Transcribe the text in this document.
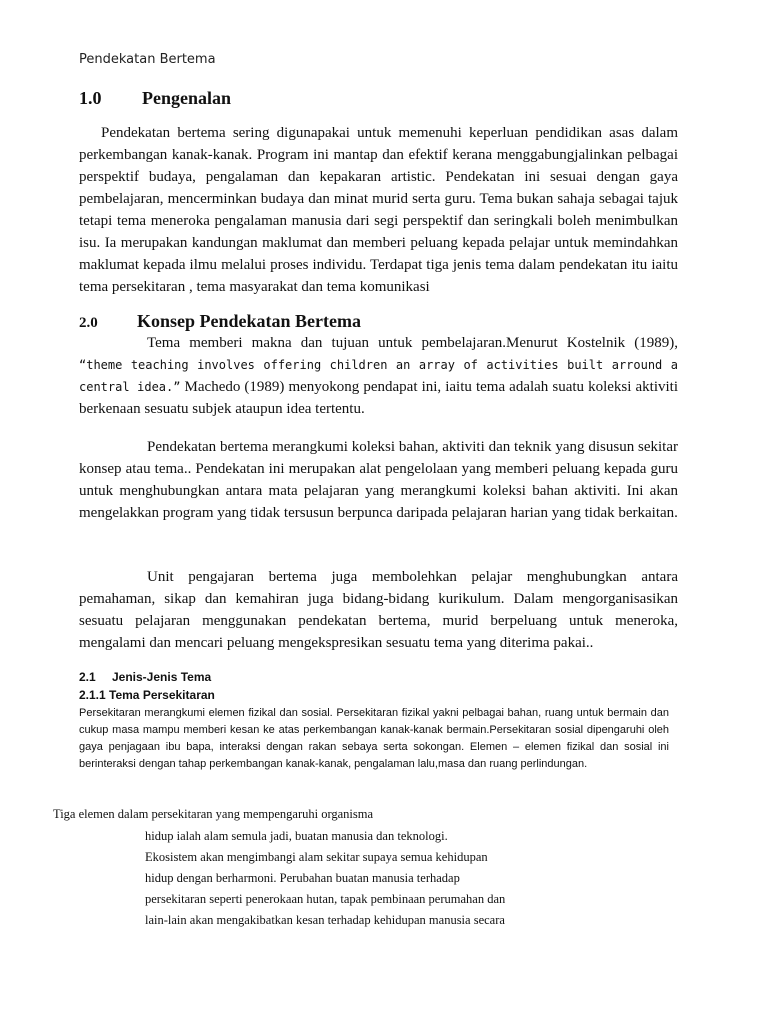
Pendekatan Bertema
1.0 Pengenalan

Pendekatan bertema sering digunapakai untuk memenuhi keperluan pendidikan asas dalam perkembangan kanak-kanak. Program ini mantap dan efektif kerana menggabungjalinkan pelbagai perspektif budaya, pengalaman dan kepakaran artistic. Pendekatan ini sesuai dengan gaya pembelajaran, mencerminkan budaya dan minat murid serta guru. Tema bukan sahaja sebagai tajuk tetapi tema meneroka pengalaman manusia dari segi perspektif dan seringkali boleh menimbulkan isu. Ia merupakan kandungan maklumat dan memberi peluang kepada pelajar untuk memindahkan maklumat kepada ilmu melalui proses individu. Terdapat tiga jenis tema dalam pendekatan itu iaitu tema persekitaran , tema masyarakat dan tema komunikasi

2.0 Konsep Pendekatan Bertema

Tema memberi makna dan tujuan untuk pembelajaran.Menurut Kostelnik (1989), “theme teaching involves offering children an array of activities built arround a central idea.” Machedo (1989) menyokong pendapat ini, iaitu tema adalah suatu koleksi aktiviti berkenaan sesuatu subjek ataupun idea tertentu.

Pendekatan bertema merangkumi koleksi bahan, aktiviti dan teknik yang disusun sekitar konsep atau tema.. Pendekatan ini merupakan alat pengelolaan yang memberi peluang kepada guru untuk menghubungkan antara mata pelajaran yang merangkumi koleksi bahan aktiviti. Ini akan mengelakkan program yang tidak tersusun berpunca daripada pelajaran harian yang tidak berkaitan.

Unit pengajaran bertema juga membolehkan pelajar menghubungkan antara pemahaman, sikap dan kemahiran juga bidang-bidang kurikulum. Dalam mengorganisasikan sesuatu pelajaran menggunakan pendekatan bertema, murid berpeluang untuk meneroka, mengalami dan mencari peluang mengekspresikan sesuatu tema yang diterima pakai..

2.1 Jenis-Jenis Tema
2.1.1 Tema Persekitaran

Persekitaran merangkumi elemen fizikal dan sosial. Persekitaran fizikal yakni pelbagai bahan, ruang untuk bermain dan cukup masa mampu memberi kesan ke atas perkembangan kanak-kanak bermain.Persekitaran sosial dipengaruhi oleh gaya penjagaan ibu bapa, interaksi dengan rakan sebaya serta sokongan. Elemen – elemen fizikal dan sosial ini berinteraksi dengan tahap perkembangan kanak-kanak, pengalaman lalu,masa dan ruang perlindungan.

Tiga elemen dalam persekitaran yang mempengaruhi organisma
hidup ialah alam semula jadi, buatan manusia dan teknologi.
Ekosistem akan mengimbangi alam sekitar supaya semua kehidupan
hidup dengan berharmoni. Perubahan buatan manusia terhadap
persekitaran seperti penerokaan hutan, tapak pembinaan perumahan dan
lain-lain akan mengakibatkan kesan terhadap kehidupan manusia secara
